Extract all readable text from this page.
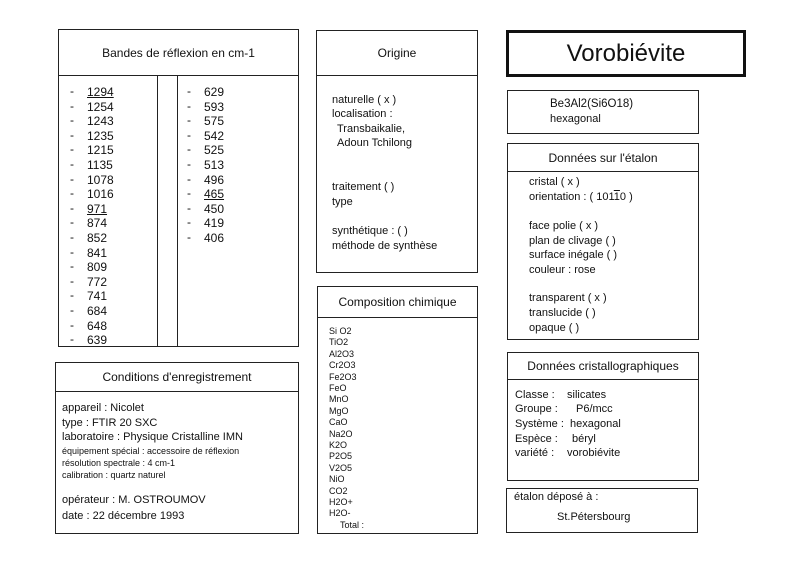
Bandes de réflexion en cm-1
- 1294
- 1254
- 1243
- 1235
- 1215
- 1135
- 1078
- 1016
- 971
- 874
- 852
- 841
- 809
- 772
- 741
- 684
- 648
- 639
- 629
- 593
- 575
- 542
- 525
- 513
- 496
- 465
- 450
- 419
- 406
Origine
naturelle ( x )
localisation :
Transbaikalie,
Adoun Tchilong
traitement ( )
type
synthétique : ( )
méthode de synthèse
Vorobiévite
Be3Al2(Si6O18)
hexagonal
Données sur l'étalon
cristal ( x )
orientation : ( 10110 )
face polie ( x )
plan de clivage ( )
surface inégale ( )
couleur : rose
transparent ( x )
translucide ( )
opaque ( )
Composition chimique
Si O2
TiO2
Al2O3
Cr2O3
Fe2O3
FeO
MnO
MgO
CaO
Na2O
K2O
P2O5
V2O5
NiO
CO2
H2O+
H2O-
Total :
Données cristallographiques
Classe : silicates
Groupe : P6/mcc
Système : hexagonal
Espèce : béryl
variété : vorobiévite
Conditions d'enregistrement
appareil : Nicolet
type : FTIR 20 SXC
laboratoire : Physique Cristalline IMN
équipement spécial : accessoire de réflexion
résolution spectrale : 4 cm-1
calibration : quartz naturel
opérateur : M. OSTROUMOV
date : 22 décembre 1993
étalon déposé à :
St.Pétersbourg
